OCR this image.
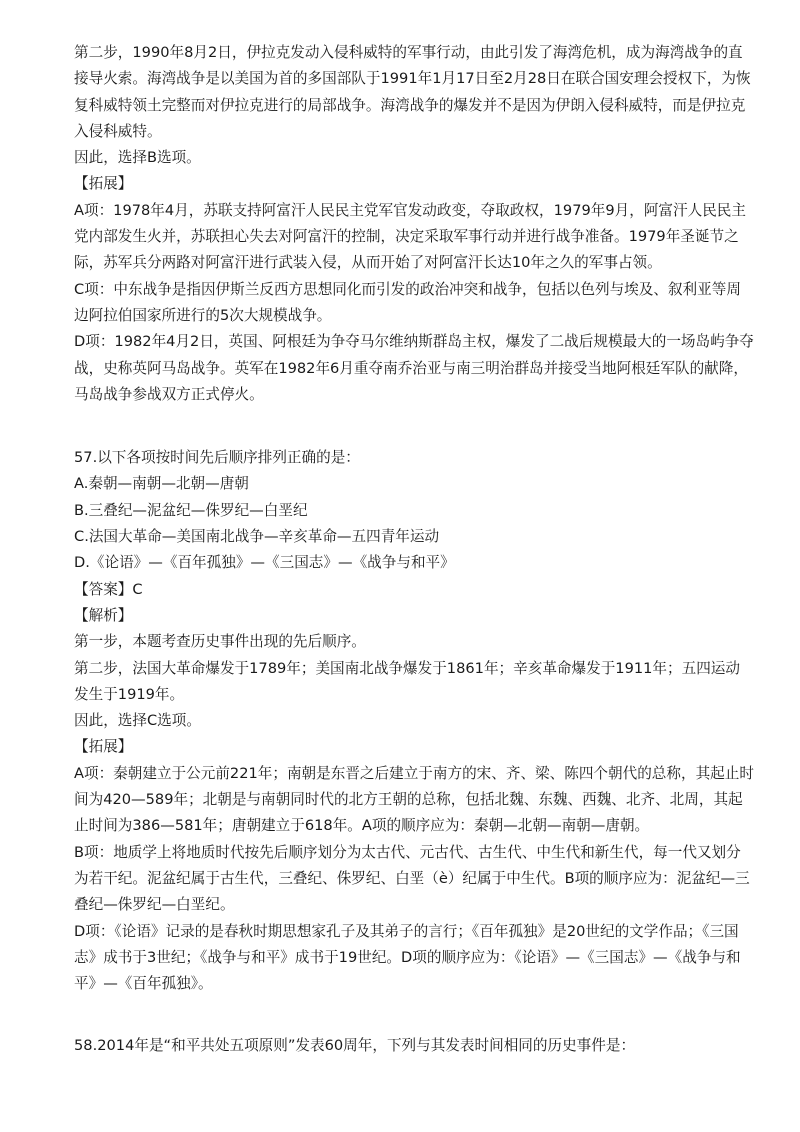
第二步，1990年8月2日，伊拉克发动入侵科威特的军事行动，由此引发了海湾危机，成为海湾战争的直接导火索。海湾战争是以美国为首的多国部队于1991年1月17日至2月28日在联合国安理会授权下，为恢复科威特领土完整而对伊拉克进行的局部战争。海湾战争的爆发并不是因为伊朗入侵科威特，而是伊拉克入侵科威特。

因此，选择B选项。

【拓展】

A项：1978年4月，苏联支持阿富汗人民民主党军官发动政变，夺取政权，1979年9月，阿富汗人民民主党内部发生火并，苏联担心失去对阿富汗的控制，决定采取军事行动并进行战争准备。1979年圣诞节之际，苏军兵分两路对阿富汗进行武装入侵，从而开始了对阿富汗长达10年之久的军事占领。

C项：中东战争是指因伊斯兰反西方思想同化而引发的政治冲突和战争，包括以色列与埃及、叙利亚等周边阿拉伯国家所进行的5次大规模战争。

D项：1982年4月2日，英国、阿根廷为争夺马尔维纳斯群岛主权，爆发了二战后规模最大的一场岛屿争夺战，史称英阿马岛战争。英军在1982年6月重夺南乔治亚与南三明治群岛并接受当地阿根廷军队的献降，马岛战争参战双方正式停火。

57.以下各项按时间先后顺序排列正确的是：

A.秦朝—南朝—北朝—唐朝

B.三叠纪—泥盆纪—侏罗纪—白垩纪

C.法国大革命—美国南北战争—辛亥革命—五四青年运动

D.《论语》—《百年孤独》—《三国志》—《战争与和平》

【答案】C

【解析】

第一步，本题考查历史事件出现的先后顺序。

第二步，法国大革命爆发于1789年；美国南北战争爆发于1861年；辛亥革命爆发于1911年；五四运动发生于1919年。

因此，选择C选项。

【拓展】

A项：秦朝建立于公元前221年；南朝是东晋之后建立于南方的宋、齐、梁、陈四个朝代的总称，其起止时间为420—589年；北朝是与南朝同时代的北方王朝的总称，包括北魏、东魏、西魏、北齐、北周，其起止时间为386—581年；唐朝建立于618年。A项的顺序应为：秦朝—北朝—南朝—唐朝。

B项：地质学上将地质时代按先后顺序划分为太古代、元古代、古生代、中生代和新生代，每一代又划分为若干纪。泥盆纪属于古生代，三叠纪、侏罗纪、白垩（è）纪属于中生代。B项的顺序应为：泥盆纪—三叠纪—侏罗纪—白垩纪。

D项：《论语》记录的是春秋时期思想家孔子及其弟子的言行；《百年孤独》是20世纪的文学作品；《三国志》成书于3世纪；《战争与和平》成书于19世纪。D项的顺序应为：《论语》—《三国志》—《战争与和平》—《百年孤独》。

58.2014年是“和平共处五项原则”发表60周年，下列与其发表时间相同的历史事件是：
